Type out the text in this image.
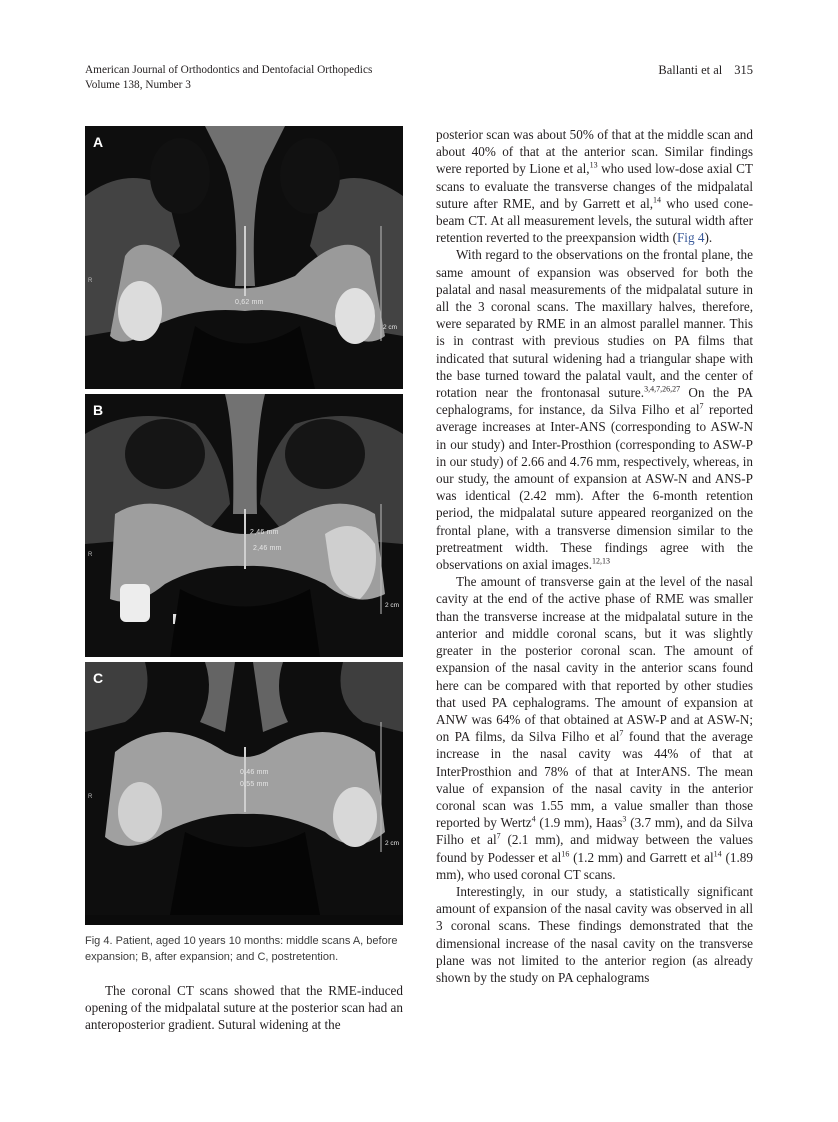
American Journal of Orthodontics and Dentofacial Orthopedics
Volume 138, Number 3
Ballanti et al 315
A
0,62 mm
2 cm
R
B
2,46 mm
2,46 mm
2 cm
R
C
0,46 mm
0,55 mm
2 cm
R
Fig 4. Patient, aged 10 years 10 months: middle scans A, before expansion; B, after expansion; and C, postretention.

The coronal CT scans showed that the RME-induced opening of the midpalatal suture at the posterior scan had an anteroposterior gradient. Sutural widening at the

posterior scan was about 50% of that at the middle scan and about 40% of that at the anterior scan. Similar findings were reported by Lione et al,$^{13}$ who used low-dose axial CT scans to evaluate the transverse changes of the midpalatal suture after RME, and by Garrett et al,$^{14}$ who used cone-beam CT. At all measurement levels, the sutural width after retention reverted to the preexpansion width (Fig 4).

With regard to the observations on the frontal plane, the same amount of expansion was observed for both the palatal and nasal measurements of the midpalatal suture in all the 3 coronal scans. The maxillary halves, therefore, were separated by RME in an almost parallel manner. This is in contrast with previous studies on PA films that indicated that sutural widening had a triangular shape with the base turned toward the palatal vault, and the center of rotation near the frontonasal suture.$^{3,4,7,26,27}$ On the PA cephalograms, for instance, da Silva Filho et $al^7$ reported average increases at Inter-ANS (corresponding to ASW-N in our study) and Inter-Prosthion (corresponding to ASW-P in our study) of 2.66 and 4.76 mm, respectively, whereas, in our study, the amount of expansion at ASW-N and ANS-P was identical (2.42 mm). After the 6-month retention period, the midpalatal suture appeared reorganized on the frontal plane, with a transverse dimension similar to the pretreatment width. These findings agree with the observations on axial images.$^{12,13}$

The amount of transverse gain at the level of the nasal cavity at the end of the active phase of RME was smaller than the transverse increase at the midpalatal suture in the anterior and middle coronal scans, but it was slightly greater in the posterior coronal scan. The amount of expansion of the nasal cavity in the anterior scans found here can be compared with that reported by other studies that used PA cephalograms. The amount of expansion at ANW was 64% of that obtained at ASW-P and at ASW-N; on PA films, da Silva Filho et $al^7$ found that the average increase in the nasal cavity was 44% of that at InterProsthion and 78% of that at InterANS. The mean value of expansion of the nasal cavity in the anterior coronal scan was 1.55 mm, a value smaller than those reported by Wertz$^4$ (1.9 mm), Haas$^3$ (3.7 mm), and da Silva Filho et $al^7$ (2.1 mm), and midway between the values found by Podesser et $al^{16}$ (1.2 mm) and Garrett et $al^{14}$ (1.89 mm), who used coronal CT scans.

Interestingly, in our study, a statistically significant amount of expansion of the nasal cavity was observed in all 3 coronal scans. These findings demonstrated that the dimensional increase of the nasal cavity on the transverse plane was not limited to the anterior region (as already shown by the study on PA cephalograms
